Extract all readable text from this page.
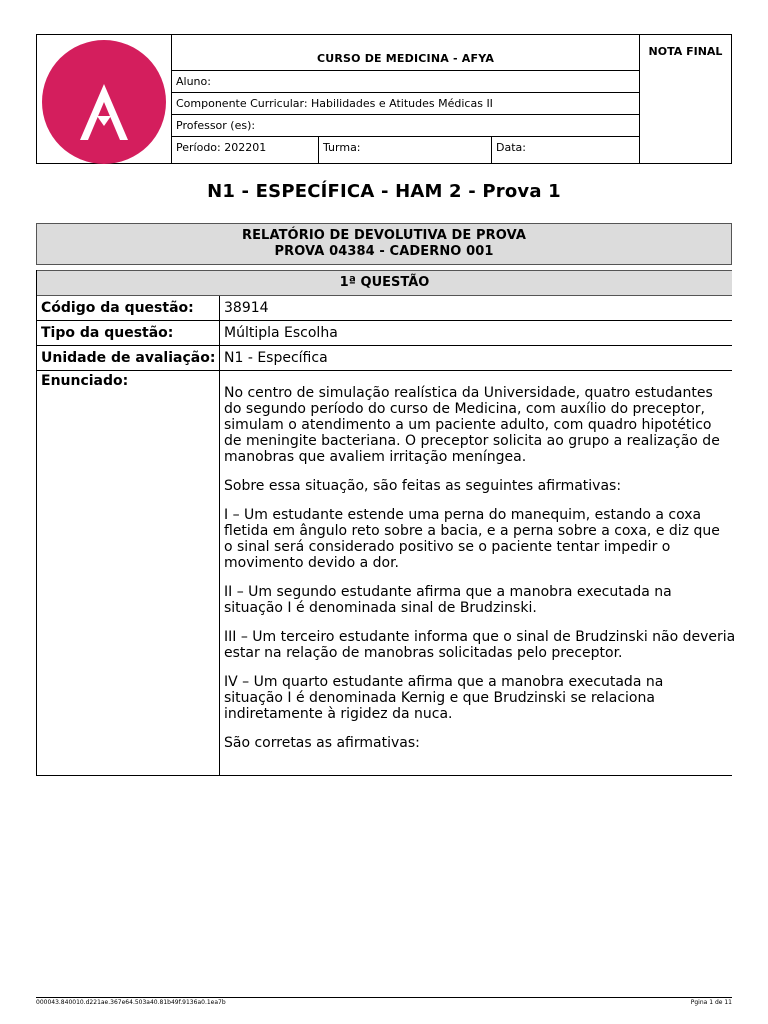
CURSO DE MEDICINA - AFYA
NOTA FINAL
Aluno:
Componente Curricular: Habilidades e Atitudes Médicas II
Professor (es):
Período: 202201	Turma:	Data:
N1 - ESPECÍFICA - HAM 2 - Prova 1
RELATÓRIO DE DEVOLUTIVA DE PROVA
PROVA 04384 - CADERNO 001
1ª QUESTÃO
Código da questão: 38914
Tipo da questão:	Múltipla Escolha
Unidade de avaliação: N1 - Específica
Enunciado:

No centro de simulação realística da Universidade, quatro estudantes
do segundo período do curso de Medicina, com auxílio do preceptor,
simulam o atendimento a um paciente adulto, com quadro hipotético
de meningite bacteriana. O preceptor solicita ao grupo a realização de
manobras que avaliem irritação meníngea.

Sobre essa situação, são feitas as seguintes afirmativas:

I – Um estudante estende uma perna do manequim, estando a coxa
fletida em ângulo reto sobre a bacia, e a perna sobre a coxa, e diz que
o sinal será considerado positivo se o paciente tentar impedir o
movimento devido a dor.

II – Um segundo estudante afirma que a manobra executada na
situação I é denominada sinal de Brudzinski.

III – Um terceiro estudante informa que o sinal de Brudzinski não deveria
estar na relação de manobras solicitadas pelo preceptor.

IV – Um quarto estudante afirma que a manobra executada na
situação I é denominada Kernig e que Brudzinski se relaciona
indiretamente à rigidez da nuca.

São corretas as afirmativas:

000043.840010.d221ae.367e64.503a40.81b49f.9136a0.1ea7b	Pgina 1 de 11
